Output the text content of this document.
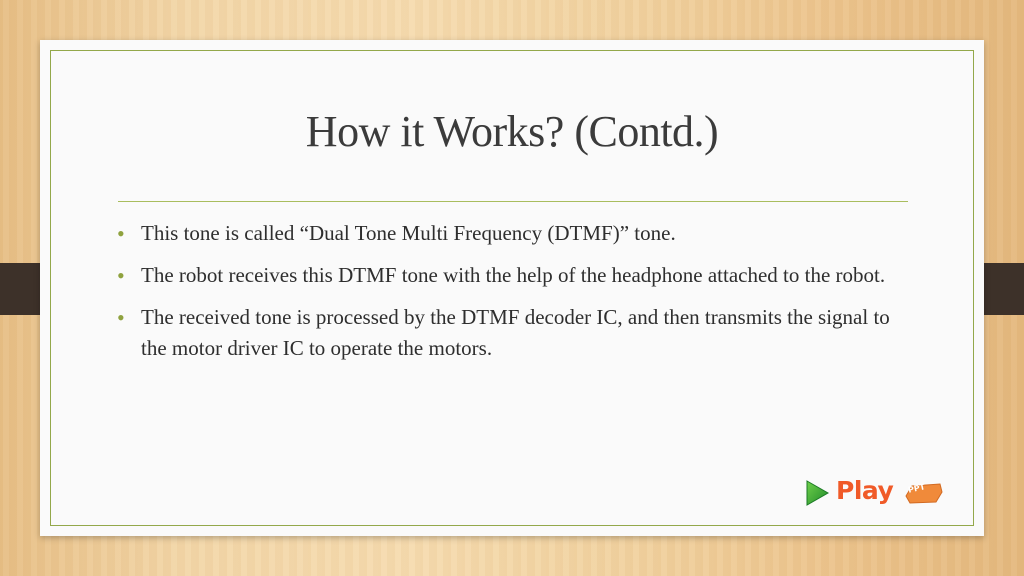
How it Works? (Contd.)
• This tone is called “Dual Tone Multi Frequency (DTMF)” tone.
• The robot receives this DTMF tone with the help of the headphone attached to the robot.
• The received tone is processed by the DTMF decoder IC, and then transmits the signal to the motor driver IC to operate the motors.
Play PPT
